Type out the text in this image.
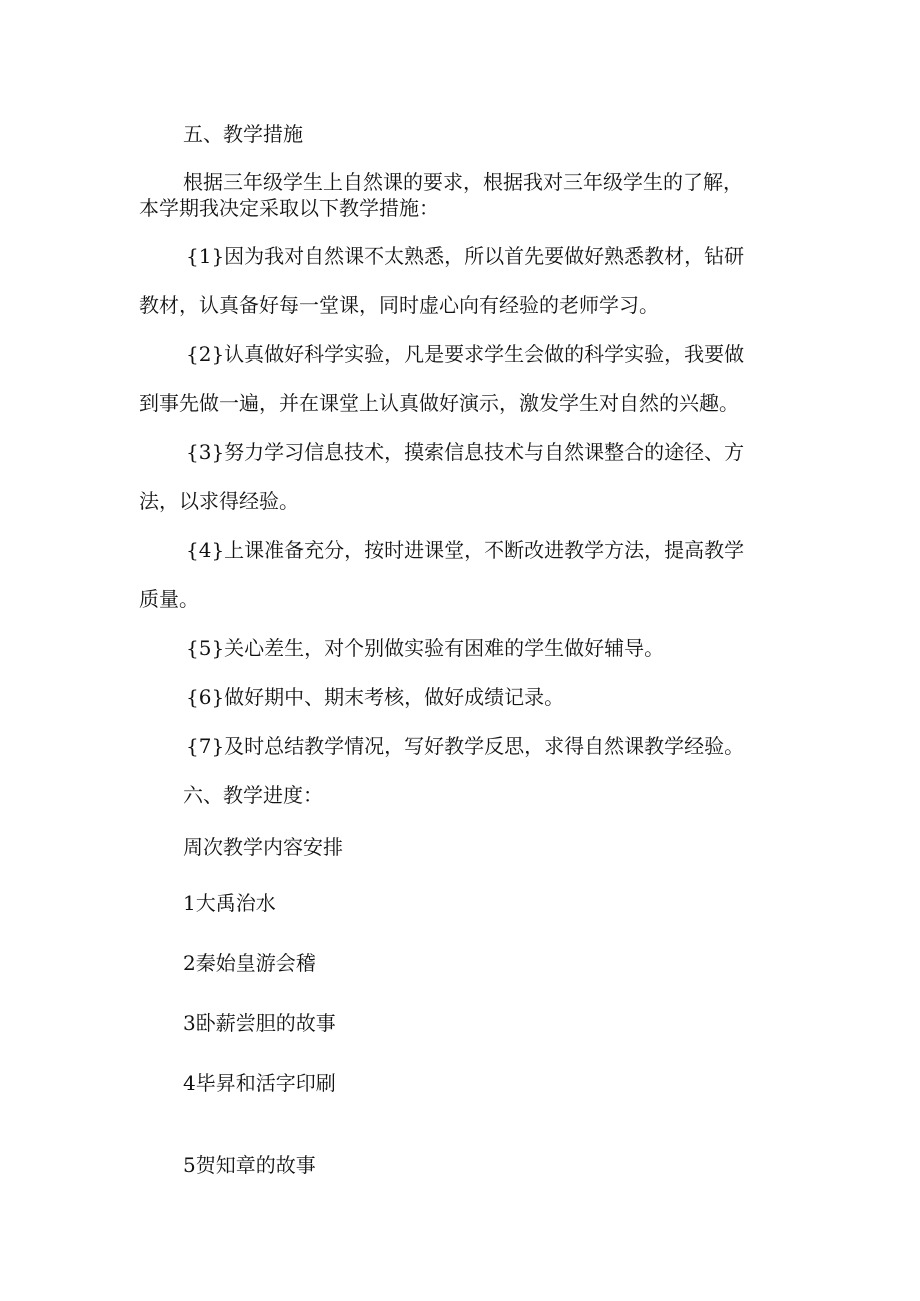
五、教学措施
根据三年级学生上自然课的要求，根据我对三年级学生的了解，
本学期我决定采取以下教学措施：
{1}因为我对自然课不太熟悉，所以首先要做好熟悉教材，钻研
教材，认真备好每一堂课，同时虚心向有经验的老师学习。
{2}认真做好科学实验，凡是要求学生会做的科学实验，我要做
到事先做一遍，并在课堂上认真做好演示，激发学生对自然的兴趣。
{3}努力学习信息技术，摸索信息技术与自然课整合的途径、方
法，以求得经验。
{4}上课准备充分，按时进课堂，不断改进教学方法，提高教学
质量。
{5}关心差生，对个别做实验有困难的学生做好辅导。
{6}做好期中、期末考核，做好成绩记录。
{7}及时总结教学情况，写好教学反思，求得自然课教学经验。
六、教学进度：
周次教学内容安排
1大禹治水
2秦始皇游会稽
3卧薪尝胆的故事
4毕昇和活字印刷
5贺知章的故事
